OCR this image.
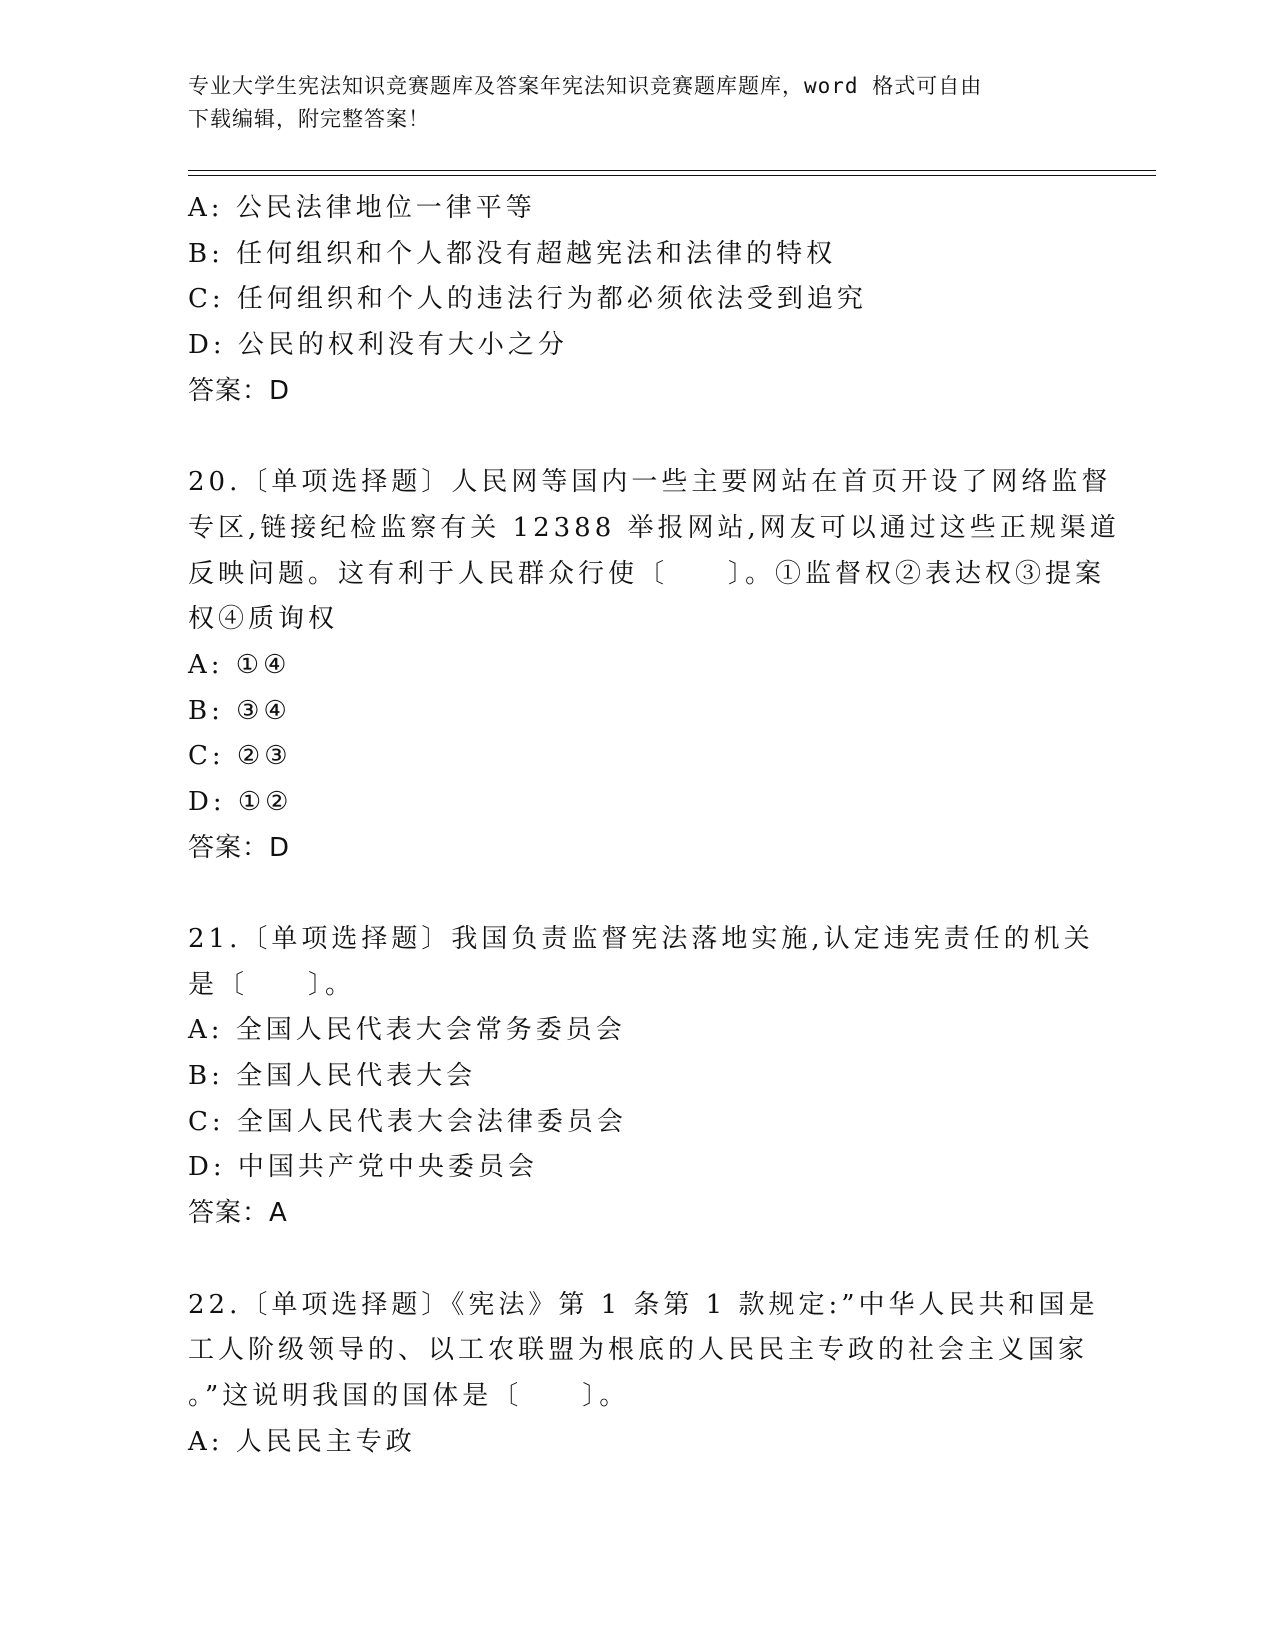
专业大学生宪法知识竞赛题库及答案年宪法知识竞赛题库题库，word 格式可自由
下载编辑，附完整答案！
A: 公民法律地位一律平等
B: 任何组织和个人都没有超越宪法和法律的特权
C: 任何组织和个人的违法行为都必须依法受到追究
D: 公民的权利没有大小之分
答案：D
20.〔单项选择题〕人民网等国内一些主要网站在首页开设了网络监督
专区,链接纪检监察有关 12388 举报网站,网友可以通过这些正规渠道
反映问题。这有利于人民群众行使〔　　〕。①监督权②表达权③提案
权④质询权
A: ①④
B: ③④
C: ②③
D: ①②
答案：D
21.〔单项选择题〕我国负责监督宪法落地实施,认定违宪责任的机关
是〔　　〕。
A: 全国人民代表大会常务委员会
B: 全国人民代表大会
C: 全国人民代表大会法律委员会
D: 中国共产党中央委员会
答案：A
22.〔单项选择题〕《宪法》第 1 条第 1 款规定:”中华人民共和国是
工人阶级领导的、以工农联盟为根底的人民民主专政的社会主义国家
。”这说明我国的国体是〔　　〕。
A: 人民民主专政
